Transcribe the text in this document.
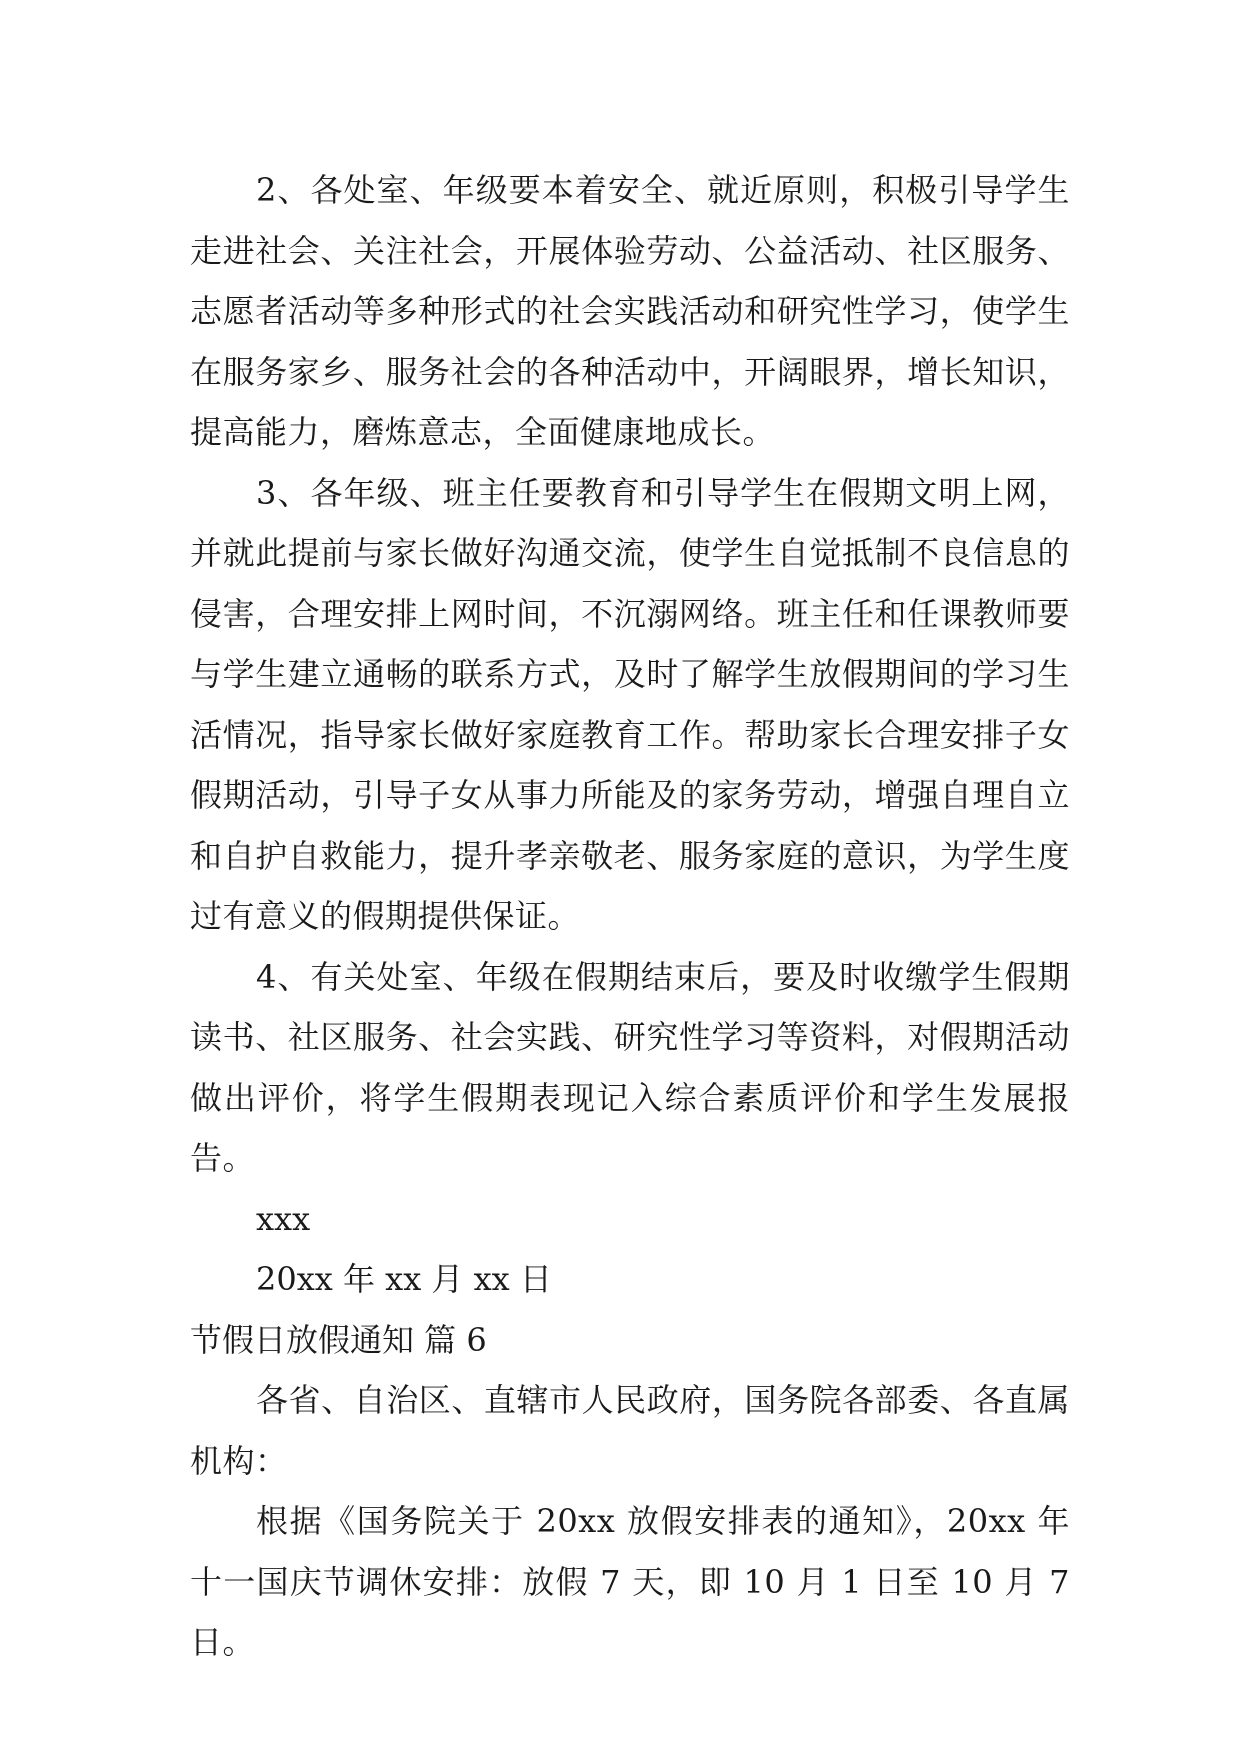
2、各处室、年级要本着安全、就近原则，积极引导学生走进社会、关注社会，开展体验劳动、公益活动、社区服务、志愿者活动等多种形式的社会实践活动和研究性学习，使学生在服务家乡、服务社会的各种活动中，开阔眼界，增长知识，提高能力，磨炼意志，全面健康地成长。

3、各年级、班主任要教育和引导学生在假期文明上网，并就此提前与家长做好沟通交流，使学生自觉抵制不良信息的侵害，合理安排上网时间，不沉溺网络。班主任和任课教师要与学生建立通畅的联系方式，及时了解学生放假期间的学习生活情况，指导家长做好家庭教育工作。帮助家长合理安排子女假期活动，引导子女从事力所能及的家务劳动，增强自理自立和自护自救能力，提升孝亲敬老、服务家庭的意识，为学生度过有意义的假期提供保证。

4、有关处室、年级在假期结束后，要及时收缴学生假期读书、社区服务、社会实践、研究性学习等资料，对假期活动做出评价，将学生假期表现记入综合素质评价和学生发展报告。

xxx

20xx 年 xx 月 xx 日

节假日放假通知 篇 6

各省、自治区、直辖市人民政府，国务院各部委、各直属机构：

根据《国务院关于 20xx 放假安排表的通知》，20xx 年十一国庆节调休安排：放假 7 天，即 10 月 1 日至 10 月 7 日。
